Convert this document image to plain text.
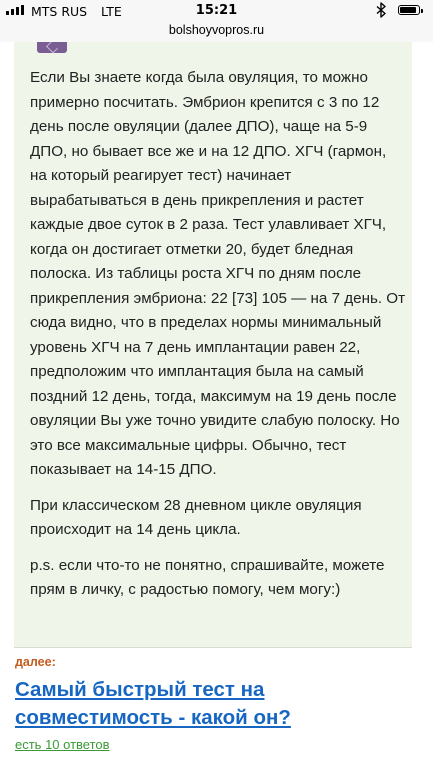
MTS RUS LTE	15:21
bolshoyvopros.ru

Если Вы знаете когда была овуляция, то можно примерно посчитать. Эмбрион крепится с 3 по 12 день после овуляции (далее ДПО), чаще на 5-9 ДПО, но бывает все же и на 12 ДПО. ХГЧ (гармон, на который реагирует тест) начинает вырабатываться в день прикрепления и растет каждые двое суток в 2 раза. Тест улавливает ХГЧ, когда он достигает отметки 20, будет бледная полоска. Из таблицы роста ХГЧ по дням после прикрепления эмбриона: 22 [73] 105 — на 7 день. От сюда видно, что в пределах нормы минимальный уровень ХГЧ на 7 день имплантации равен 22, предположим что имплантация была на самый поздний 12 день, тогда, максимум на 19 день после овуляции Вы уже точно увидите слабую полоску. Но это все максимальные цифры. Обычно, тест показывает на 14-15 ДПО.

При классическом 28 дневном цикле овуляция происходит на 14 день цикла.

p.s. если что-то не понятно, спрашивайте, можете прям в личку, с радостью помогу, чем могу:)

далее:
Самый быстрый тест на совместимость - какой он?
есть 10 ответов
